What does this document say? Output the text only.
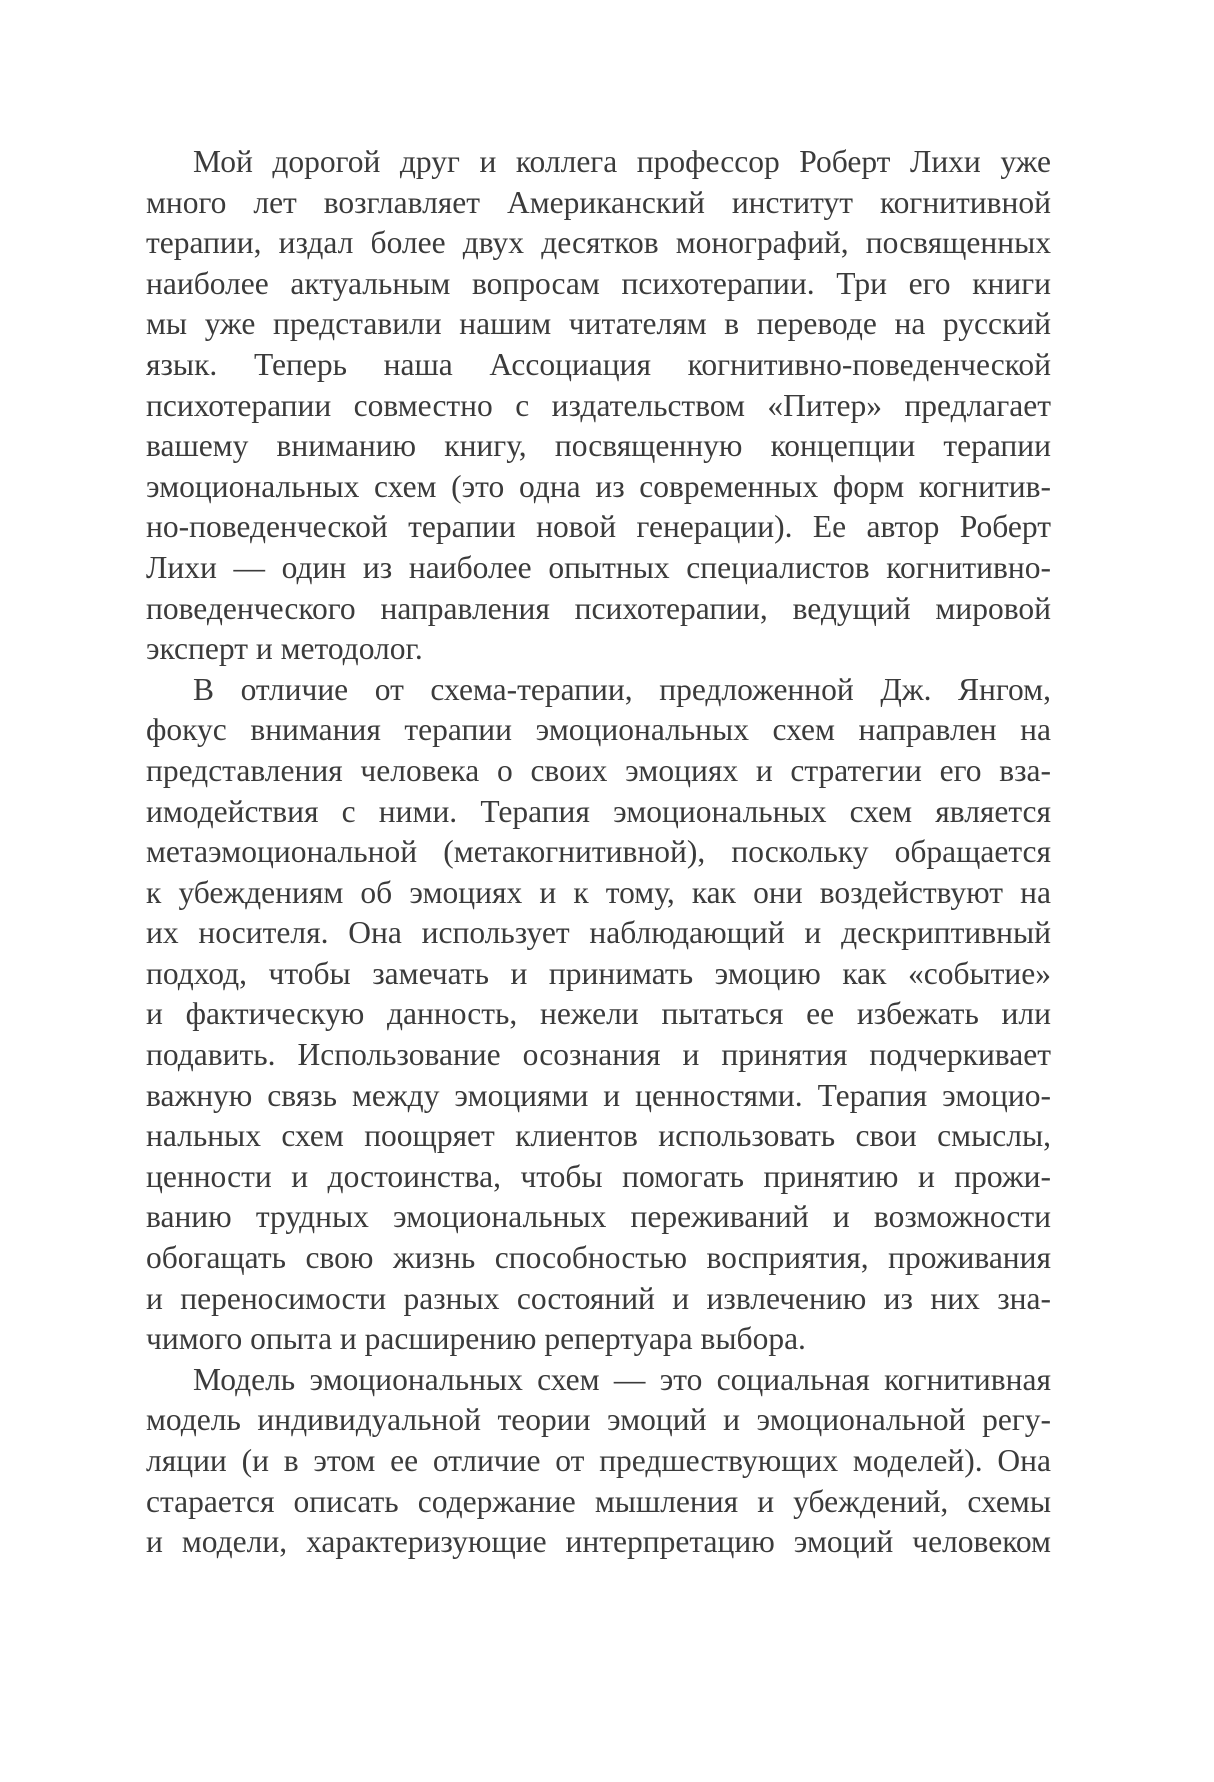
Мой дорогой друг и коллега профессор Роберт Лихи уже
много лет возглавляет Американский институт когнитивной
терапии, издал более двух десятков монографий, посвященных
наиболее актуальным вопросам психотерапии. Три его книги
мы уже представили нашим читателям в переводе на русский
язык. Теперь наша Ассоциация когнитивно-поведенческой
психотерапии совместно с издательством «Питер» предлагает
вашему вниманию книгу, посвященную концепции терапии
эмоциональных схем (это одна из современных форм когнитив-
но-поведенческой терапии новой генерации). Ее автор Роберт
Лихи — один из наиболее опытных специалистов когнитивно-
поведенческого направления психотерапии, ведущий мировой
эксперт и методолог.
В отличие от схема-терапии, предложенной Дж. Янгом,
фокус внимания терапии эмоциональных схем направлен на
представления человека о своих эмоциях и стратегии его вза-
имодействия с ними. Терапия эмоциональных схем является
метаэмоциональной (метакогнитивной), поскольку обращается
к убеждениям об эмоциях и к тому, как они воздействуют на
их носителя. Она использует наблюдающий и дескриптивный
подход, чтобы замечать и принимать эмоцию как «событие»
и фактическую данность, нежели пытаться ее избежать или
подавить. Использование осознания и принятия подчеркивает
важную связь между эмоциями и ценностями. Терапия эмоцио-
нальных схем поощряет клиентов использовать свои смыслы,
ценности и достоинства, чтобы помогать принятию и прожи-
ванию трудных эмоциональных переживаний и возможности
обогащать свою жизнь способностью восприятия, проживания
и переносимости разных состояний и извлечению из них зна-
чимого опыта и расширению репертуара выбора.
Модель эмоциональных схем — это социальная когнитивная
модель индивидуальной теории эмоций и эмоциональной регу-
ляции (и в этом ее отличие от предшествующих моделей). Она
старается описать содержание мышления и убеждений, схемы
и модели, характеризующие интерпретацию эмоций человеком
